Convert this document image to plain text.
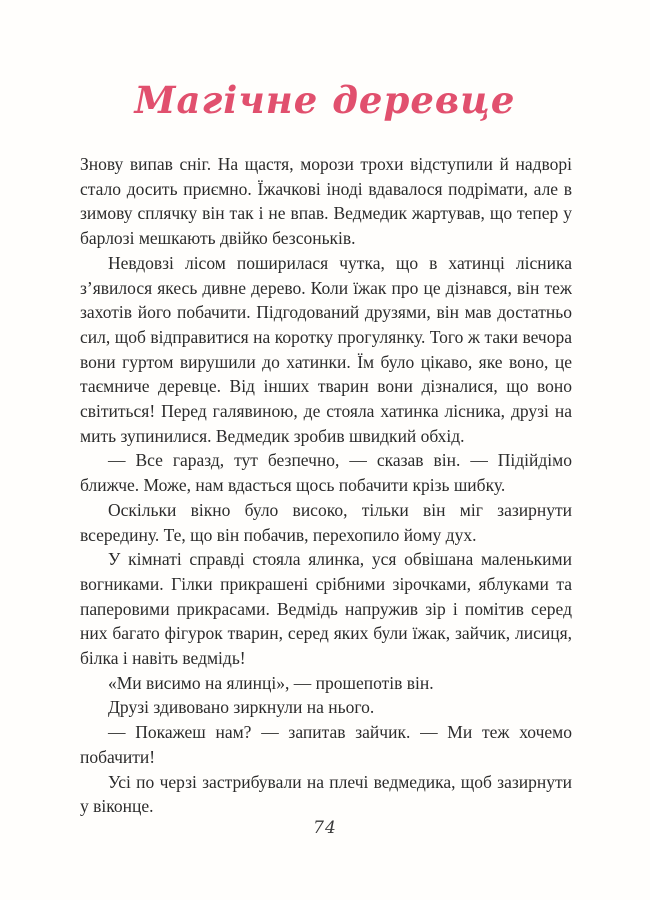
Магічне деревце

Знову випав сніг. На щастя, морози трохи відступили й надворі стало досить приємно. Їжачкові іноді вдавалося подрімати, але в зимову сплячку він так і не впав. Ведмедик жартував, що тепер у барлозі мешкають двійко безсоньків.

Невдовзі лісом поширилася чутка, що в хатинці лісника з’явилося якесь дивне дерево. Коли їжак про це дізнався, він теж захотів його побачити. Підгодований друзями, він мав достатньо сил, щоб відправитися на коротку прогулянку. Того ж таки вечора вони гуртом вирушили до хатинки. Їм було цікаво, яке воно, це таємниче деревце. Від інших тварин вони дізналися, що воно світиться! Перед галявиною, де стояла хатинка лісника, друзі на мить зупинилися. Ведмедик зробив швидкий обхід.

— Все гаразд, тут безпечно, — сказав він. — Підійдімо ближче. Може, нам вдасться щось побачити крізь шибку.

Оскільки вікно було високо, тільки він міг зазирнути всередину. Те, що він побачив, перехопило йому дух.

У кімнаті справді стояла ялинка, уся обвішана маленькими вогниками. Гілки прикрашені срібними зірочками, яблуками та паперовими прикрасами. Ведмідь напружив зір і помітив серед них багато фігурок тварин, серед яких були їжак, зайчик, лисиця, білка і навіть ведмідь!

«Ми висимо на ялинці», — прошепотів він.

Друзі здивовано зиркнули на нього.

— Покажеш нам? — запитав зайчик. — Ми теж хочемо побачити!

Усі по черзі застрибували на плечі ведмедика, щоб зазирнути у віконце.

74
